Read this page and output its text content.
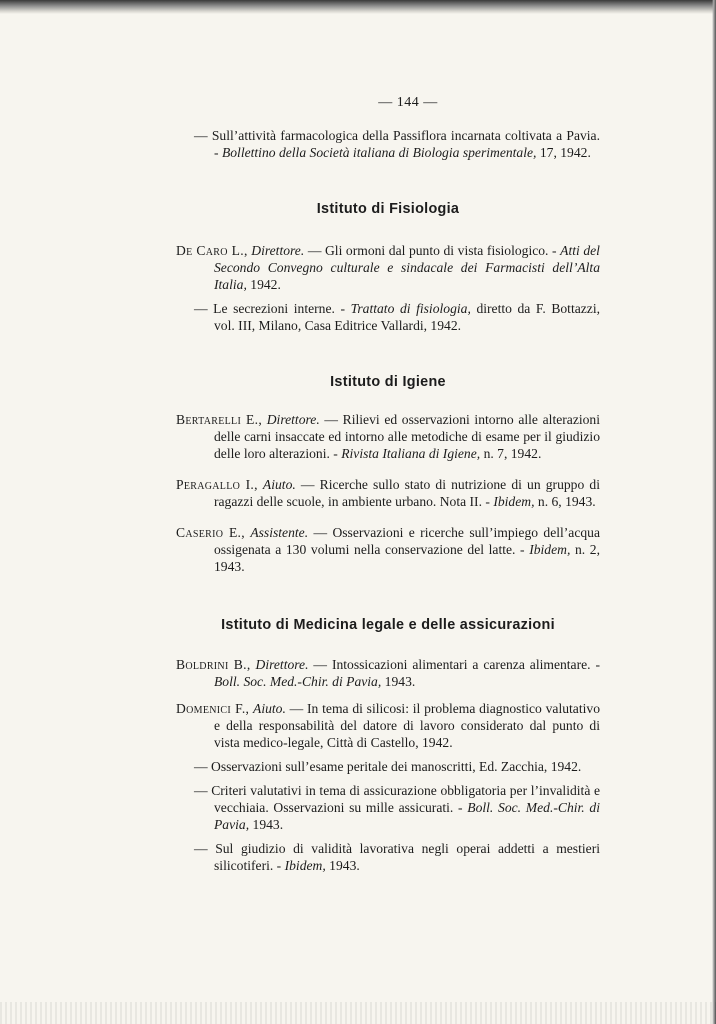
— 144 —

— Sull’attività farmacologica della Passiflora incarnata coltivata a Pavia. - Bollettino della Società italiana di Biologia sperimentale, 17, 1942.

Istituto di Fisiologia

De Caro L., Direttore. — Gli ormoni dal punto di vista fisiologico. - Atti del Secondo Convegno culturale e sindacale dei Farmacisti dell’Alta Italia, 1942.

— Le secrezioni interne. - Trattato di fisiologia, diretto da F. Bottazzi, vol. III, Milano, Casa Editrice Vallardi, 1942.

Istituto di Igiene

Bertarelli E., Direttore. — Rilievi ed osservazioni intorno alle alterazioni delle carni insaccate ed intorno alle metodiche di esame per il giudizio delle loro alterazioni. - Rivista Italiana di Igiene, n. 7, 1942.

Peragallo I., Aiuto. — Ricerche sullo stato di nutrizione di un gruppo di ragazzi delle scuole, in ambiente urbano. Nota II. - Ibidem, n. 6, 1943.

Caserio E., Assistente. — Osservazioni e ricerche sull’impiego dell’acqua ossigenata a 130 volumi nella conservazione del latte. - Ibidem, n. 2, 1943.

Istituto di Medicina legale e delle assicurazioni

Boldrini B., Direttore. — Intossicazioni alimentari a carenza alimentare. - Boll. Soc. Med.-Chir. di Pavia, 1943.

Domenici F., Aiuto. — In tema di silicosi: il problema diagnostico valutativo e della responsabilità del datore di lavoro considerato dal punto di vista medico-legale, Città di Castello, 1942.

— Osservazioni sull’esame peritale dei manoscritti, Ed. Zacchia, 1942.

— Criteri valutativi in tema di assicurazione obbligatoria per l’invalidità e vecchiaia. Osservazioni su mille assicurati. - Boll. Soc. Med.-Chir. di Pavia, 1943.

— Sul giudizio di validità lavorativa negli operai addetti a mestieri silicotiferi. - Ibidem, 1943.
